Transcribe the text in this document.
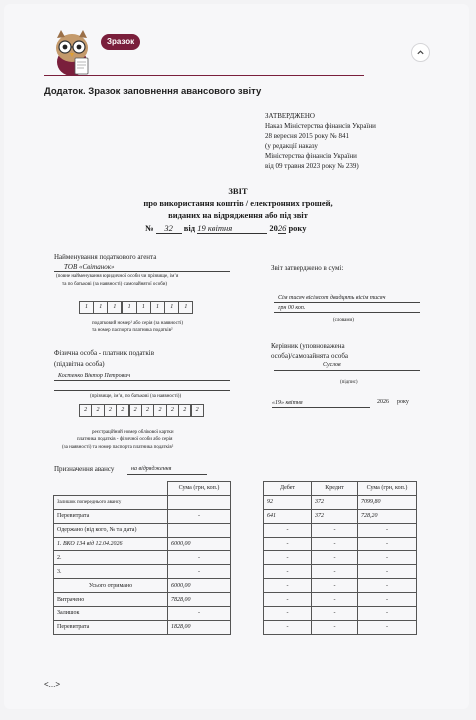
Зразок
Додаток. Зразок заповнення авансового звіту
ЗАТВЕРДЖЕНО
Наказ Міністерства фінансів України
28 вересня 2015 року № 841
(у редакції наказу
Міністерства фінансів України
від 09 травня 2023 року № 239)
ЗВІТ
про використання коштів / електронних грошей,
виданих на відрядження або під звіт
№ 32 від 19 квітня	2026 року
Найменування податкового агента
ТОВ «Світанок»
(повне найменування юридичної особи чи прізвище, ім’я
та по батькові (за наявності) самозайнятої особи)
1	1	1	1	1	1	1	1
податковий номер¹ або серія (за наявності)
та номер паспорта платника податків²
Звіт затверджено в сумі:
Сім тисяч вісімсот двадцять вісім тисяч
грн 00 коп.
(словами)
Фізична особа - платник податків
(підзвітна особа)
Костенко Віктор Петрович
(прізвище, ім’я, по батькові (за наявності))
2	2	2	2	2	2	2	2	2	2
реєстраційний номер облікової картки
платника податків - фізичної особи або серія
(за наявності) та номер паспорта платника податків²
Керівник (уповноважена
особа)/самозайнята особа
Суслов
(підпис)
«19» квітня	2026 року
Призначення авансу	на відрядження
	Сума (грн, коп.)
Залишок попереднього авансу	
Перевитрата	-
Одержано (від кого, № та дата)	
1. ВКО 134 від 12.04.2026	6000,00
2.	-
3.	-
Усього отримано	6000,00
Витрачено	7828,00
Залишок	-
Перевитрата	1828,00
Дебет	Кредит	Сума (грн, коп.)
92	372	7099,80
641	372	728,20
-	-	-
-	-	-
-	-	-
-	-	-
-	-	-
-	-	-
-	-	-
-	-	-
<...>
